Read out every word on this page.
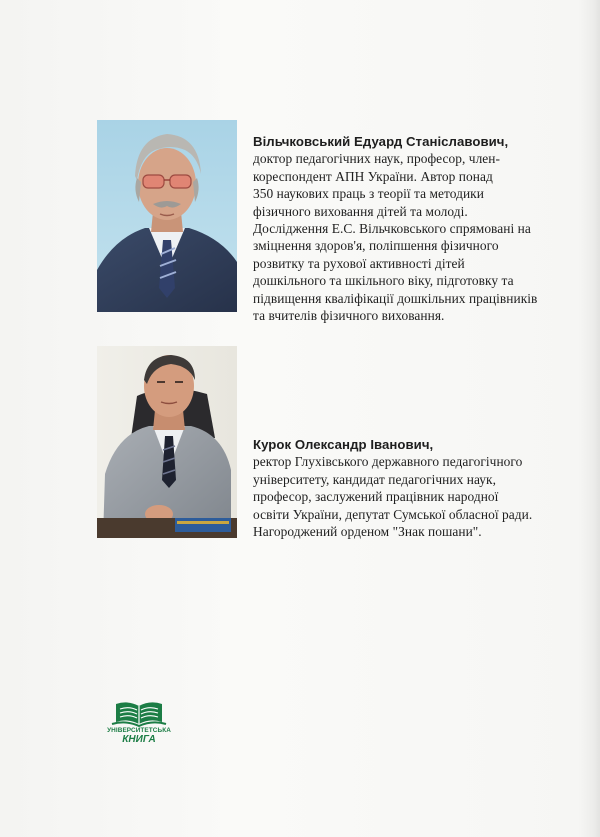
Вільчковський Едуард Станіславович,
доктор педагогічних наук, професор, член-
кореспондент АПН України. Автор понад
350 наукових праць з теорії та методики
фізичного виховання дітей та молоді.
Дослідження Е.С. Вільчковського спрямовані на
зміцнення здоров'я, поліпшення фізичного
розвитку та рухової активності дітей
дошкільного та шкільного віку, підготовку та
підвищення кваліфікації дошкільних працівників
та вчителів фізичного виховання.
Курок Олександр Іванович,
ректор Глухівського державного педагогічного
університету, кандидат педагогічних наук,
професор, заслужений працівник народної
освіти України, депутат Сумської обласної ради.
Нагороджений орденом "Знак пошани".
УНІВЕРСИТЕТСЬКА
КНИГА
